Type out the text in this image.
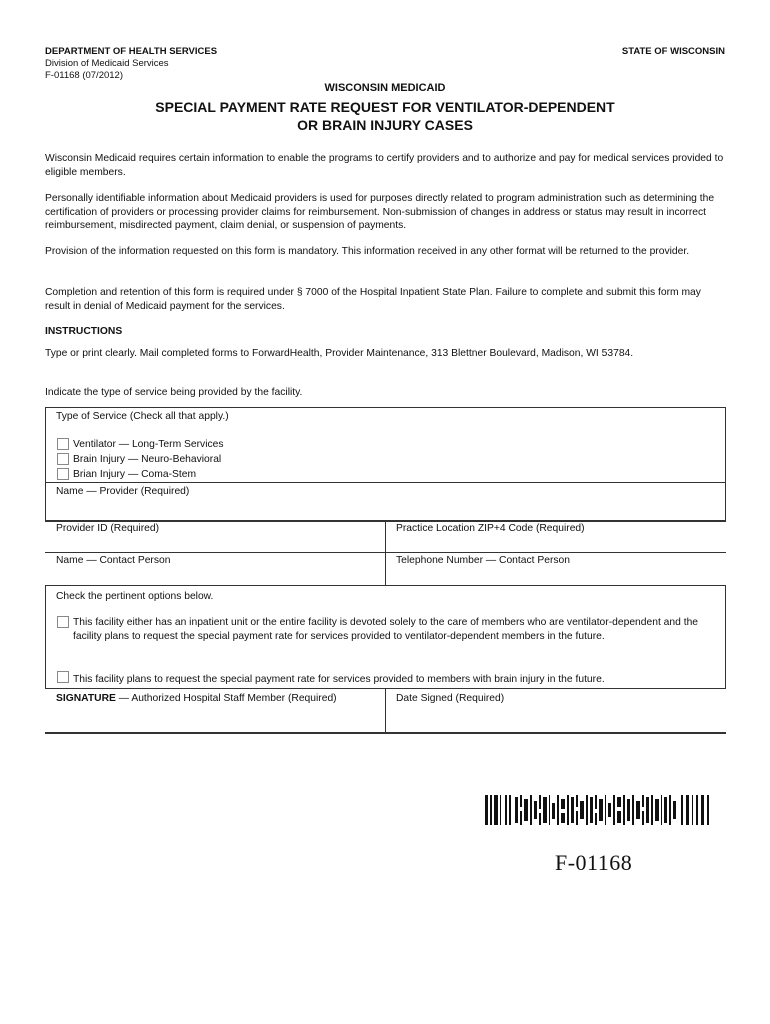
DEPARTMENT OF HEALTH SERVICES
Division of Medicaid Services
F-01168 (07/2012)
STATE OF WISCONSIN
WISCONSIN MEDICAID
SPECIAL PAYMENT RATE REQUEST FOR VENTILATOR-DEPENDENT
OR BRAIN INJURY CASES
Wisconsin Medicaid requires certain information to enable the programs to certify providers and to authorize and pay for medical services provided to eligible members.
Personally identifiable information about Medicaid providers is used for purposes directly related to program administration such as determining the certification of providers or processing provider claims for reimbursement. Non-submission of changes in address or status may result in incorrect reimbursement, misdirected payment, claim denial, or suspension of payments.
Provision of the information requested on this form is mandatory. This information received in any other format will be returned to the provider.
Completion and retention of this form is required under § 7000 of the Hospital Inpatient State Plan. Failure to complete and submit this form may result in denial of Medicaid payment for the services.
INSTRUCTIONS
Type or print clearly. Mail completed forms to ForwardHealth, Provider Maintenance, 313 Blettner Boulevard, Madison, WI 53784.
Indicate the type of service being provided by the facility.
Type of Service (Check all that apply.)
Ventilator — Long-Term Services
Brain Injury — Neuro-Behavioral
Brian Injury — Coma-Stem
Name — Provider (Required)
Provider ID (Required)	Practice Location ZIP+4 Code (Required)
Name — Contact Person	Telephone Number — Contact Person
Check the pertinent options below.
This facility either has an inpatient unit or the entire facility is devoted solely to the care of members who are ventilator-dependent and the facility plans to request the special payment rate for services provided to ventilator-dependent members in the future.
This facility plans to request the special payment rate for services provided to members with brain injury in the future.
SIGNATURE — Authorized Hospital Staff Member (Required)	Date Signed (Required)
F-01168
